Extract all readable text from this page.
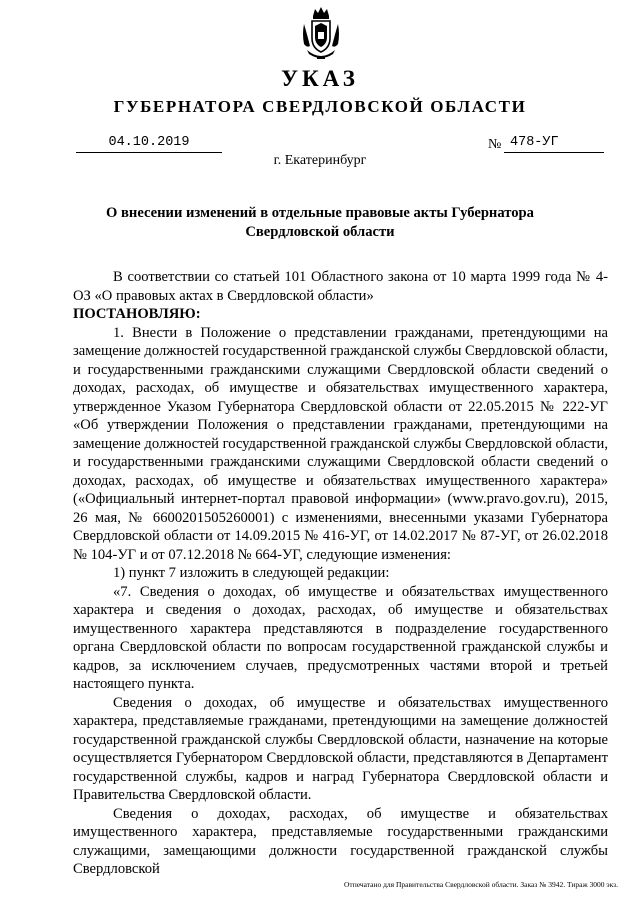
УКАЗ
ГУБЕРНАТОРА СВЕРДЛОВСКОЙ ОБЛАСТИ
04.10.2019	№ 478-УГ
г. Екатеринбург
О внесении изменений в отдельные правовые акты Губернатора
Свердловской области

В соответствии со статьей 101 Областного закона от 10 марта 1999 года № 4-ОЗ «О правовых актах в Свердловской области»

ПОСТАНОВЛЯЮ:

1. Внести в Положение о представлении гражданами, претендующими на замещение должностей государственной гражданской службы Свердловской области, и государственными гражданскими служащими Свердловской области сведений о доходах, расходах, об имуществе и обязательствах имущественного характера, утвержденное Указом Губернатора Свердловской области от 22.05.2015 № 222-УГ «Об утверждении Положения о представлении гражданами, претендующими на замещение должностей государственной гражданской службы Свердловской области, и государственными гражданскими служащими Свердловской области сведений о доходах, расходах, об имуществе и обязательствах имущественного характера» («Официальный интернет-портал правовой информации» (www.pravo.gov.ru), 2015, 26 мая, № 6600201505260001) с изменениями, внесенными указами Губернатора Свердловской области от 14.09.2015 № 416-УГ, от 14.02.2017 № 87-УГ, от 26.02.2018 № 104-УГ и от 07.12.2018 № 664-УГ, следующие изменения:

1) пункт 7 изложить в следующей редакции:

«7. Сведения о доходах, об имуществе и обязательствах имущественного характера и сведения о доходах, расходах, об имуществе и обязательствах имущественного характера представляются в подразделение государственного органа Свердловской области по вопросам государственной гражданской службы и кадров, за исключением случаев, предусмотренных частями второй и третьей настоящего пункта.

Сведения о доходах, об имуществе и обязательствах имущественного характера, представляемые гражданами, претендующими на замещение должностей государственной гражданской службы Свердловской области, назначение на которые осуществляется Губернатором Свердловской области, представляются в Департамент государственной службы, кадров и наград Губернатора Свердловской области и Правительства Свердловской области.

Сведения о доходах, расходах, об имуществе и обязательствах имущественного характера, представляемые государственными гражданскими служащими, замещающими должности государственной гражданской службы Свердловской

Отпечатано для Правительства Свердловской области. Заказ № 3942. Тираж 3000 экз.
